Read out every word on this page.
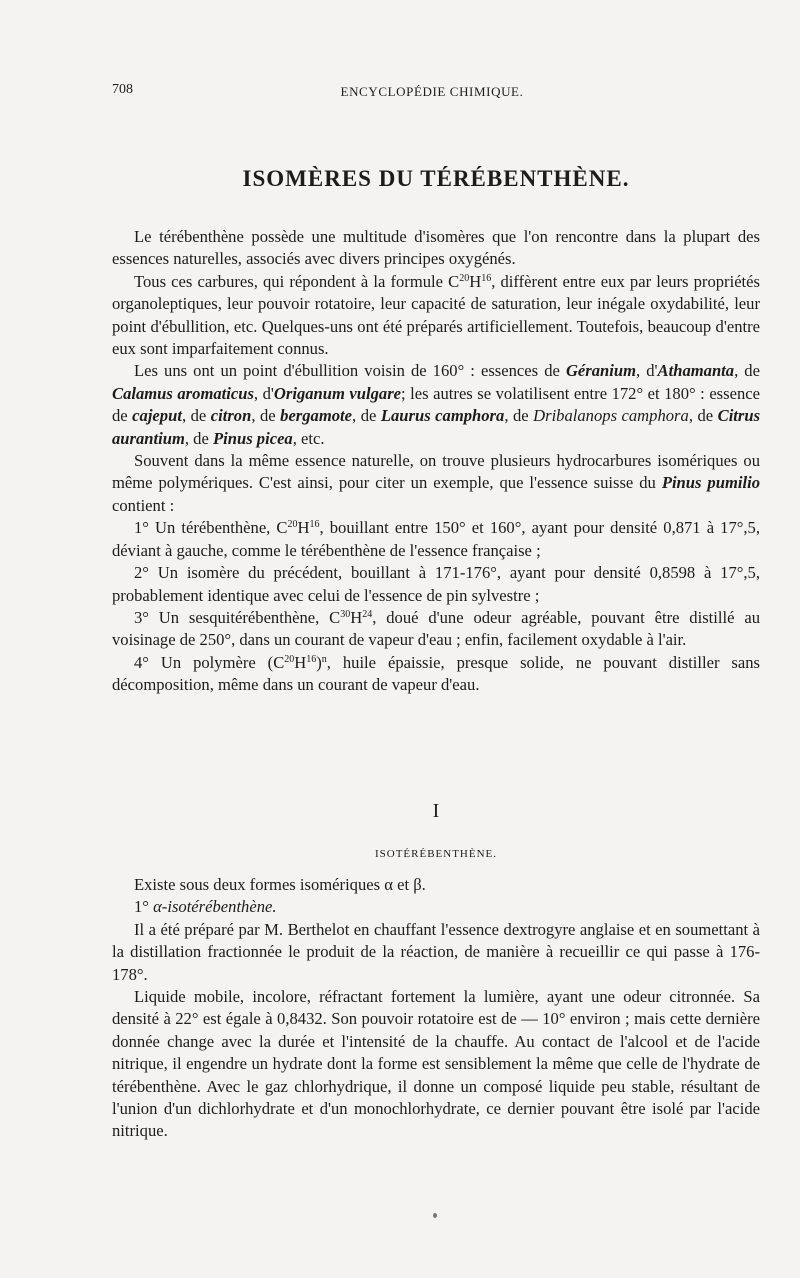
708	ENCYCLOPÉDIE CHIMIQUE.
ISOMÈRES DU TÉRÉBENTHÈNE.

Le térébenthène possède une multitude d'isomères que l'on rencontre dans la plupart des essences naturelles, associés avec divers principes oxygénés.

Tous ces carbures, qui répondent à la formule $C^{20}H^{16}$, diffèrent entre eux par leurs propriétés organoleptiques, leur pouvoir rotatoire, leur capacité de saturation, leur inégale oxydabilité, leur point d'ébullition, etc. Quelques-uns ont été préparés artificiellement. Toutefois, beaucoup d'entre eux sont imparfaitement connus.

Les uns ont un point d'ébullition voisin de 160° : essences de Géranium, d'Athamanta, de Calamus aromaticus, d'Origanum vulgare; les autres se volatilisent entre 172° et 180° : essence de cajeput, de citron, de bergamote, de Laurus camphora, de Dribalanops camphora, de Citrus aurantium, de Pinus picea, etc.

Souvent dans la même essence naturelle, on trouve plusieurs hydrocarbures isomériques ou même polymériques. C'est ainsi, pour citer un exemple, que l'essence suisse du Pinus pumilio contient :

1° Un térébenthène, $C^{20}H^{16}$, bouillant entre 150° et 160°, ayant pour densité 0,871 à 17°,5, déviant à gauche, comme le térébenthène de l'essence française ;

2° Un isomère du précédent, bouillant à 171-176°, ayant pour densité 0,8598 à 17°,5, probablement identique avec celui de l'essence de pin sylvestre ;

3° Un sesquitérébenthène, $C^{30}H^{24}$, doué d'une odeur agréable, pouvant être distillé au voisinage de 250°, dans un courant de vapeur d'eau ; enfin, facilement oxydable à l'air.

4° Un polymère $(C^{20}H^{16})^n$, huile épaissie, presque solide, ne pouvant distiller sans décomposition, même dans un courant de vapeur d'eau.

I
ISOTÉRÉBENTHÈNE.

Existe sous deux formes isomériques α et β.

1° α-isotérébenthène.

Il a été préparé par M. Berthelot en chauffant l'essence dextrogyre anglaise et en soumettant à la distillation fractionnée le produit de la réaction, de manière à recueillir ce qui passe à 176-178°.

Liquide mobile, incolore, réfractant fortement la lumière, ayant une odeur citronnée. Sa densité à 22° est égale à 0,8432. Son pouvoir rotatoire est de — 10° environ ; mais cette dernière donnée change avec la durée et l'intensité de la chauffe. Au contact de l'alcool et de l'acide nitrique, il engendre un hydrate dont la forme est sensiblement la même que celle de l'hydrate de térébenthène. Avec le gaz chlorhydrique, il donne un composé liquide peu stable, résultant de l'union d'un dichlorhydrate et d'un monochlorhydrate, ce dernier pouvant être isolé par l'acide nitrique.
